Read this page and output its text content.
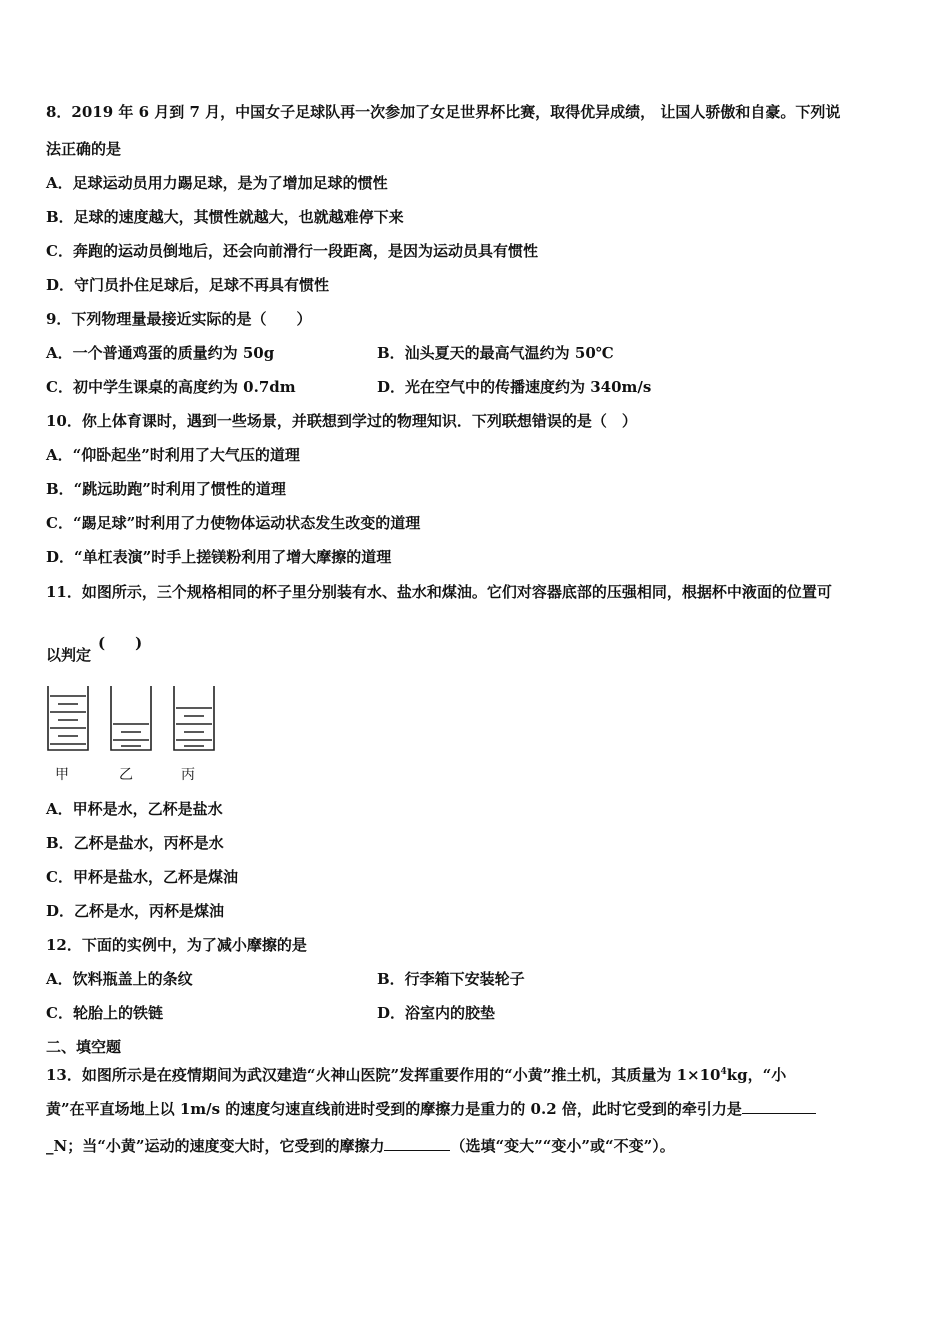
8．2019 年 6 月到 7 月，中国女子足球队再一次参加了女足世界杯比赛，取得优异成绩， 让国人骄傲和自豪。下列说
法正确的是
A．足球运动员用力踢足球，是为了增加足球的惯性
B．足球的速度越大，其惯性就越大，也就越难停下来
C．奔跑的运动员倒地后，还会向前滑行一段距离，是因为运动员具有惯性
D．守门员扑住足球后，足球不再具有惯性
9．下列物理量最接近实际的是（　　）
A．一个普通鸡蛋的质量约为 50g	B．汕头夏天的最高气温约为 50℃
C．初中学生课桌的高度约为 0.7dm	D．光在空气中的传播速度约为 340m/s
10．你上体育课时，遇到一些场景，并联想到学过的物理知识．下列联想错误的是（　）
A．“仰卧起坐”时利用了大气压的道理
B．“跳远助跑”时利用了惯性的道理
C．“踢足球”时利用了力使物体运动状态发生改变的道理
D．“单杠表演”时手上搓镁粉利用了增大摩擦的道理
11．如图所示，三个规格相同的杯子里分别装有水、盐水和煤油。它们对容器底部的压强相同，根据杯中液面的位置可
以判定
(　　)
甲	乙	丙
A．甲杯是水，乙杯是盐水
B．乙杯是盐水，丙杯是水
C．甲杯是盐水，乙杯是煤油
D．乙杯是水，丙杯是煤油
12．下面的实例中，为了减小摩擦的是
A．饮料瓶盖上的条纹	B．行李箱下安装轮子
C．轮胎上的铁链	D．浴室内的胶垫
二、填空题
13．如图所示是在疫情期间为武汉建造“火神山医院”发挥重要作用的“小黄”推土机，其质量为 $1\times 10^4kg$，“小
黄”在平直场地上以 1m/s 的速度匀速直线前进时受到的摩擦力是重力的 0.2 倍，此时它受到的牵引力是
_N；当“小黄”运动的速度变大时，它受到的摩擦力	（选填“变大”“变小”或“不变”）。
